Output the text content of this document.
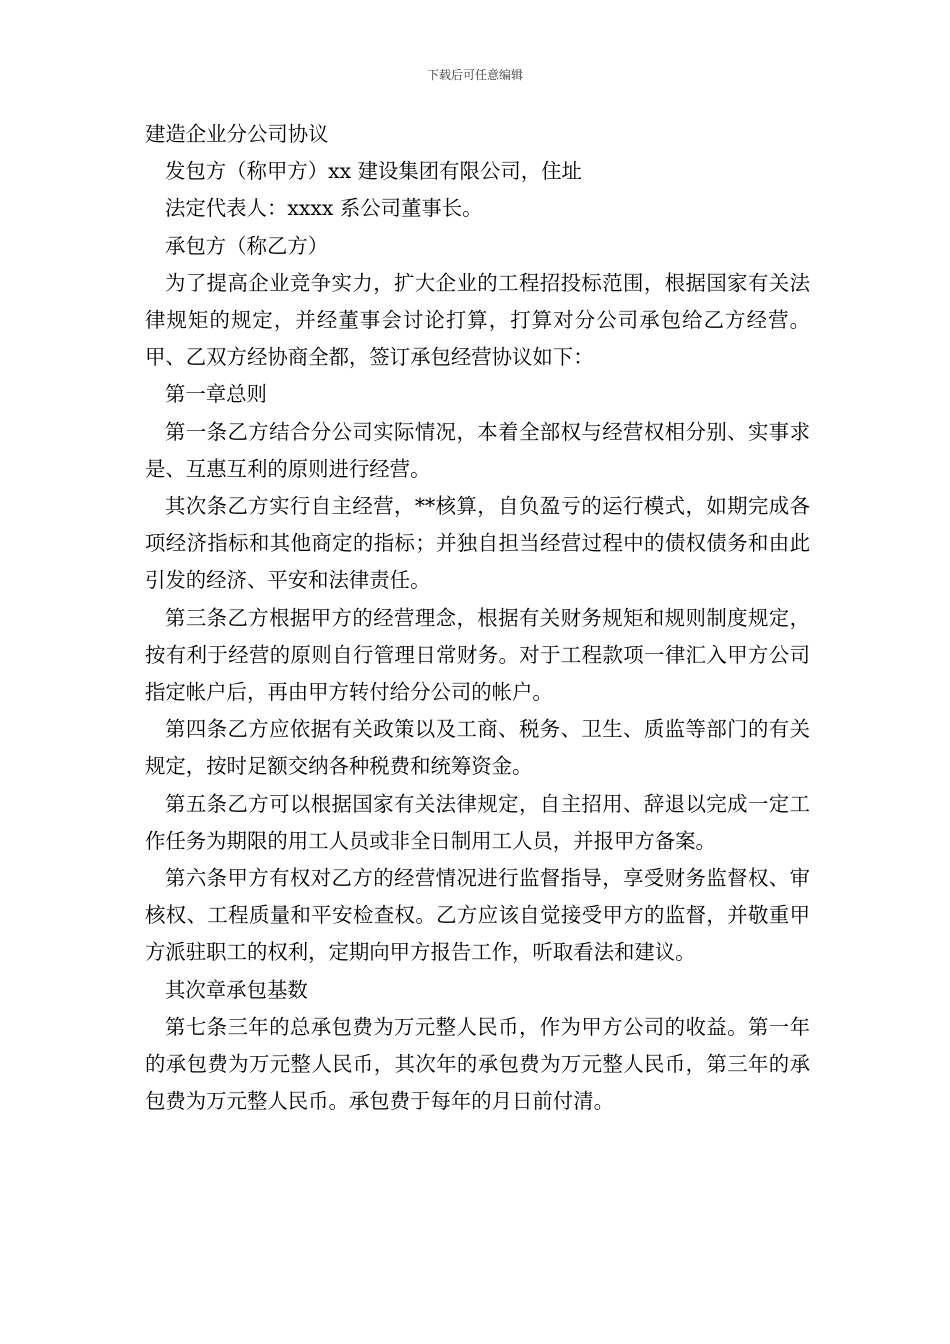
下载后可任意编辑

建造企业分公司协议

发包方（称甲方）xx 建设集团有限公司，住址

法定代表人：xxxx 系公司董事长。

承包方（称乙方）

为了提高企业竞争实力，扩大企业的工程招投标范围，根据国家有关法律规矩的规定，并经董事会讨论打算，打算对分公司承包给乙方经营。甲、乙双方经协商全都，签订承包经营协议如下：

第一章总则

第一条乙方结合分公司实际情况，本着全部权与经营权相分别、实事求是、互惠互利的原则进行经营。

其次条乙方实行自主经营，**核算，自负盈亏的运行模式，如期完成各项经济指标和其他商定的指标；并独自担当经营过程中的债权债务和由此引发的经济、平安和法律责任。

第三条乙方根据甲方的经营理念，根据有关财务规矩和规则制度规定，按有利于经营的原则自行管理日常财务。对于工程款项一律汇入甲方公司指定帐户后，再由甲方转付给分公司的帐户。

第四条乙方应依据有关政策以及工商、税务、卫生、质监等部门的有关规定，按时足额交纳各种税费和统筹资金。

第五条乙方可以根据国家有关法律规定，自主招用、辞退以完成一定工作任务为期限的用工人员或非全日制用工人员，并报甲方备案。

第六条甲方有权对乙方的经营情况进行监督指导，享受财务监督权、审核权、工程质量和平安检查权。乙方应该自觉接受甲方的监督，并敬重甲方派驻职工的权利，定期向甲方报告工作，听取看法和建议。

其次章承包基数

第七条三年的总承包费为万元整人民币，作为甲方公司的收益。第一年的承包费为万元整人民币，其次年的承包费为万元整人民币，第三年的承包费为万元整人民币。承包费于每年的月日前付清。
